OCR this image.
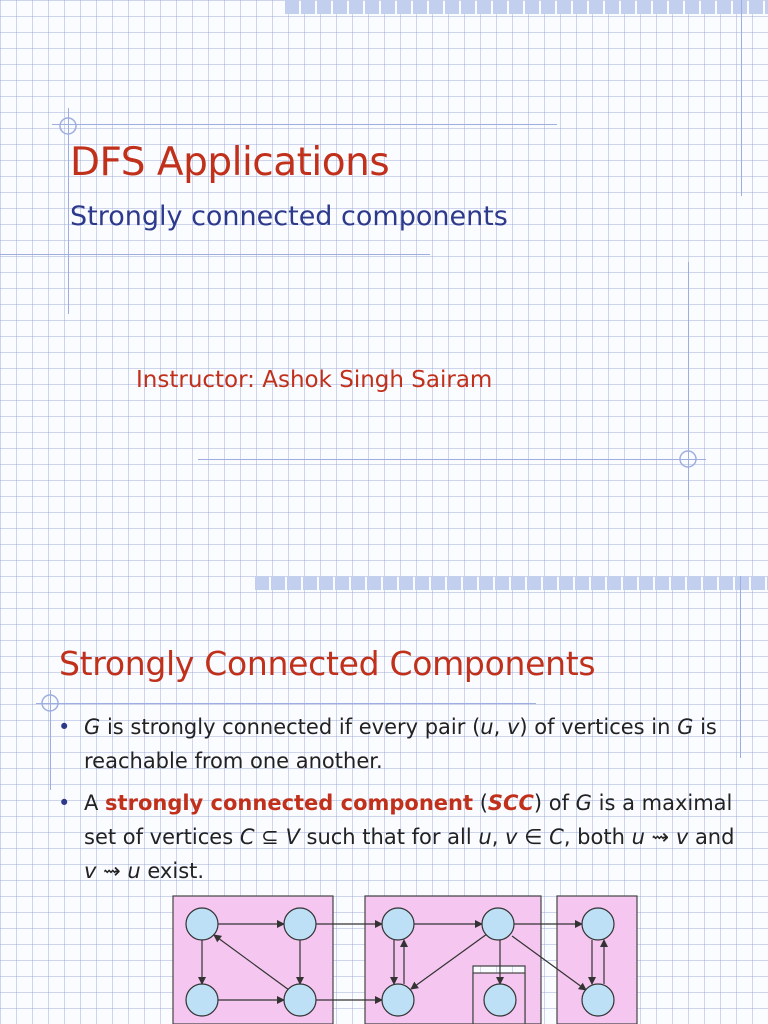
DFS Applications
Strongly connected components

Instructor: Ashok Singh Sairam

Strongly Connected Components
• G is strongly connected if every pair (u, v) of vertices in G is reachable from one another.
• A strongly connected component (SCC) of G is a maximal set of vertices C ⊆ V such that for all u, v ∈ C, both u ⇝ v and v ⇝ u exist.
